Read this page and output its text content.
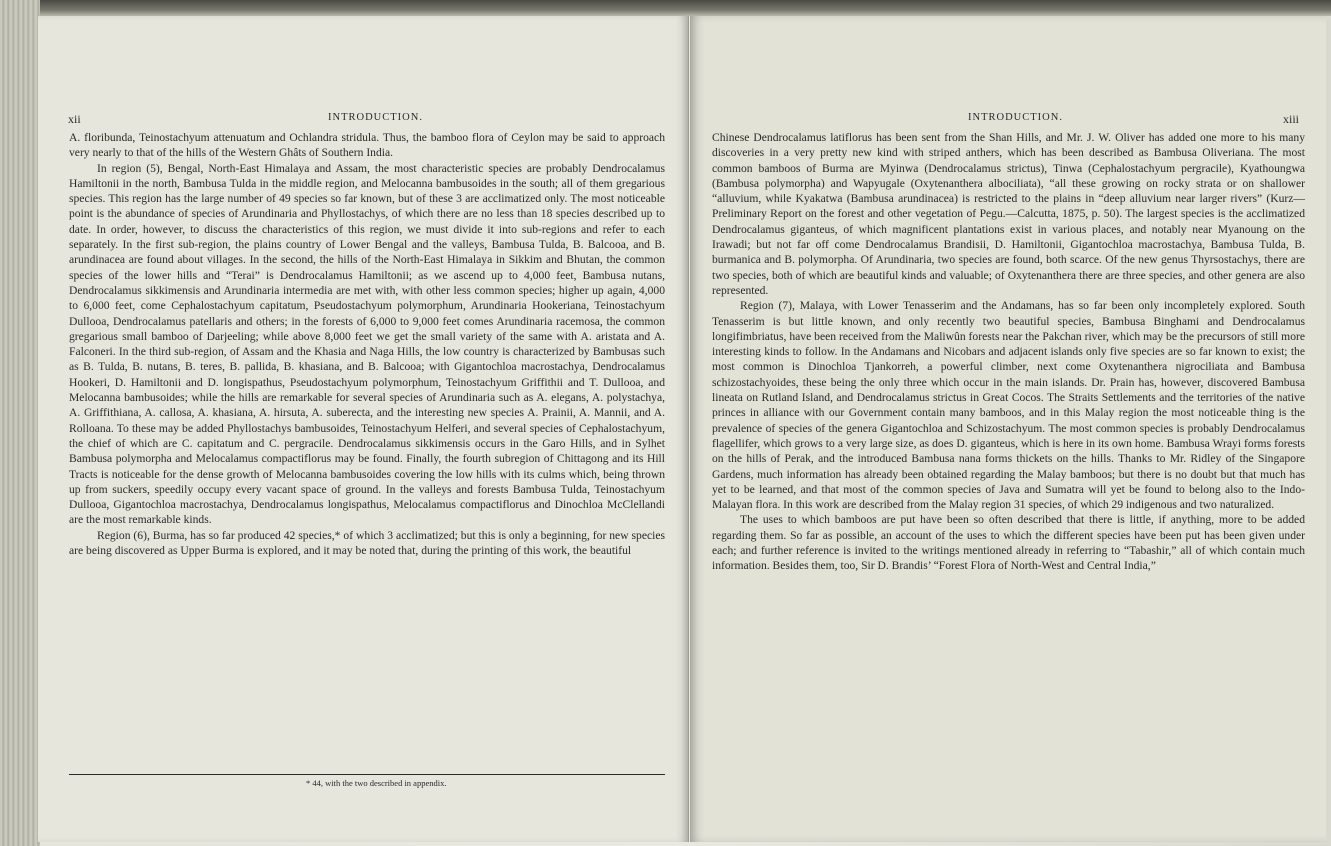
xii	INTRODUCTION.

A. floribunda, Teinostachyum attenuatum and Ochlandra stridula. Thus, the bamboo flora of Ceylon may be said to approach very nearly to that of the hills of the Western Ghâts of Southern India.

In region (5), Bengal, North-East Himalaya and Assam, the most characteristic species are probably Dendrocalamus Hamiltonii in the north, Bambusa Tulda in the middle region, and Melocanna bambusoides in the south; all of them gregarious species. This region has the large number of 49 species so far known, but of these 3 are acclimatized only. The most noticeable point is the abundance of species of Arundinaria and Phyllostachys, of which there are no less than 18 species described up to date. In order, however, to discuss the characteristics of this region, we must divide it into sub-regions and refer to each separately. In the first sub-region, the plains country of Lower Bengal and the valleys, Bambusa Tulda, B. Balcooa, and B. arundinacea are found about villages. In the second, the hills of the North-East Himalaya in Sikkim and Bhutan, the common species of the lower hills and “Terai” is Dendrocalamus Hamiltonii; as we ascend up to 4,000 feet, Bambusa nutans, Dendrocalamus sikkimensis and Arundinaria intermedia are met with, with other less common species; higher up again, 4,000 to 6,000 feet, come Cephalostachyum capitatum, Pseudostachyum polymorphum, Arundinaria Hookeriana, Teinostachyum Dullooa, Dendrocalamus patellaris and others; in the forests of 6,000 to 9,000 feet comes Arundinaria racemosa, the common gregarious small bamboo of Darjeeling; while above 8,000 feet we get the small variety of the same with A. aristata and A. Falconeri. In the third sub-region, of Assam and the Khasia and Naga Hills, the low country is characterized by Bambusas such as B. Tulda, B. nutans, B. teres, B. pallida, B. khasiana, and B. Balcooa; with Gigantochloa macrostachya, Dendrocalamus Hookeri, D. Hamiltonii and D. longispathus, Pseudostachyum polymorphum, Teinostachyum Griffithii and T. Dullooa, and Melocanna bambusoides; while the hills are remarkable for several species of Arundinaria such as A. elegans, A. polystachya, A. Griffithiana, A. callosa, A. khasiana, A. hirsuta, A. suberecta, and the interesting new species A. Prainii, A. Mannii, and A. Rolloana. To these may be added Phyllostachys bambusoides, Teinostachyum Helferi, and several species of Cephalostachyum, the chief of which are C. capitatum and C. pergracile. Dendrocalamus sikkimensis occurs in the Garo Hills, and in Sylhet Bambusa polymorpha and Melocalamus compactiflorus may be found. Finally, the fourth subregion of Chittagong and its Hill Tracts is noticeable for the dense growth of Melocanna bambusoides covering the low hills with its culms which, being thrown up from suckers, speedily occupy every vacant space of ground. In the valleys and forests Bambusa Tulda, Teinostachyum Dullooa, Gigantochloa macrostachya, Dendrocalamus longispathus, Melocalamus compactiflorus and Dinochloa McClellandi are the most remarkable kinds.

Region (6), Burma, has so far produced 42 species,* of which 3 acclimatized; but this is only a beginning, for new species are being discovered as Upper Burma is explored, and it may be noted that, during the printing of this work, the beautiful

* 44, with the two described in appendix.
INTRODUCTION.	xiii

Chinese Dendrocalamus latiflorus has been sent from the Shan Hills, and Mr. J. W. Oliver has added one more to his many discoveries in a very pretty new kind with striped anthers, which has been described as Bambusa Oliveriana. The most common bamboos of Burma are Myinwa (Dendrocalamus strictus), Tinwa (Cephalostachyum pergracile), Kyathoungwa (Bambusa polymorpha) and Wapyugale (Oxytenanthera albociliata), “all these growing on rocky strata or on shallower “alluvium, while Kyakatwa (Bambusa arundinacea) is restricted to the plains in “deep alluvium near larger rivers” (Kurz—Preliminary Report on the forest and other vegetation of Pegu.—Calcutta, 1875, p. 50). The largest species is the acclimatized Dendrocalamus giganteus, of which magnificent plantations exist in various places, and notably near Myanoung on the Irawadi; but not far off come Dendrocalamus Brandisii, D. Hamiltonii, Gigantochloa macrostachya, Bambusa Tulda, B. burmanica and B. polymorpha. Of Arundinaria, two species are found, both scarce. Of the new genus Thyrsostachys, there are two species, both of which are beautiful kinds and valuable; of Oxytenanthera there are three species, and other genera are also represented.

Region (7), Malaya, with Lower Tenasserim and the Andamans, has so far been only incompletely explored. South Tenasserim is but little known, and only recently two beautiful species, Bambusa Binghami and Dendrocalamus longifimbriatus, have been received from the Maliwûn forests near the Pakchan river, which may be the precursors of still more interesting kinds to follow. In the Andamans and Nicobars and adjacent islands only five species are so far known to exist; the most common is Dinochloa Tjankorreh, a powerful climber, next come Oxytenanthera nigrociliata and Bambusa schizostachyoides, these being the only three which occur in the main islands. Dr. Prain has, however, discovered Bambusa lineata on Rutland Island, and Dendrocalamus strictus in Great Cocos. The Straits Settlements and the territories of the native princes in alliance with our Government contain many bamboos, and in this Malay region the most noticeable thing is the prevalence of species of the genera Gigantochloa and Schizostachyum. The most common species is probably Dendrocalamus flagellifer, which grows to a very large size, as does D. giganteus, which is here in its own home. Bambusa Wrayi forms forests on the hills of Perak, and the introduced Bambusa nana forms thickets on the hills. Thanks to Mr. Ridley of the Singapore Gardens, much information has already been obtained regarding the Malay bamboos; but there is no doubt but that much has yet to be learned, and that most of the common species of Java and Sumatra will yet be found to belong also to the Indo-Malayan flora. In this work are described from the Malay region 31 species, of which 29 indigenous and two naturalized.

The uses to which bamboos are put have been so often described that there is little, if anything, more to be added regarding them. So far as possible, an account of the uses to which the different species have been put has been given under each; and further reference is invited to the writings mentioned already in referring to “Tabashir,” all of which contain much information. Besides them, too, Sir D. Brandis’ “Forest Flora of North-West and Central India,”
